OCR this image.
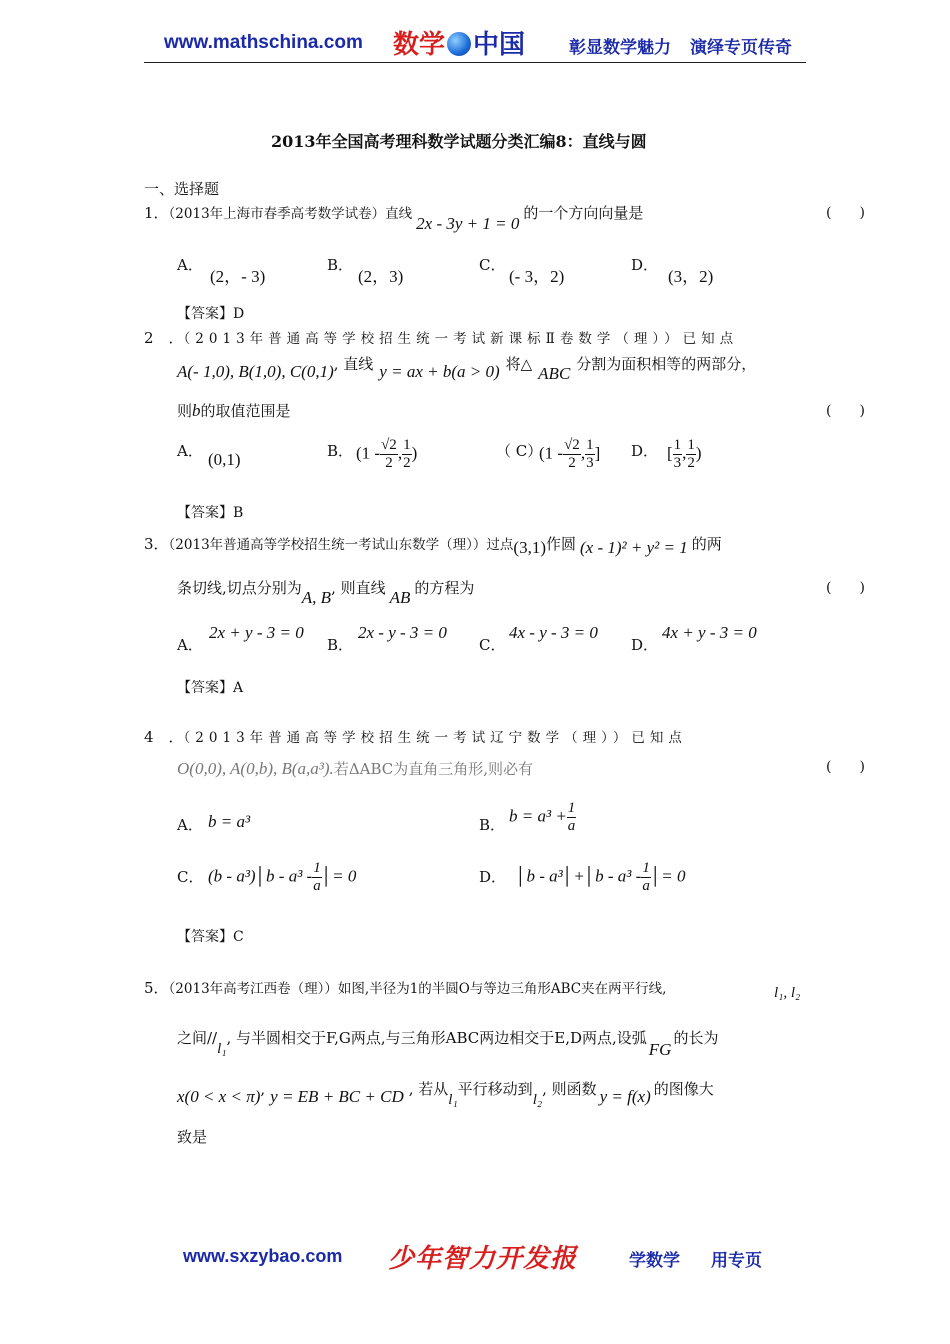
www.mathschina.com 数学 中国	彰显数学魅力 演绎专页传奇
2013年全国高考理科数学试题分类汇编8：直线与圆
一、选择题
1．（2013年上海市春季高考数学试卷）直线 2x - 3y + 1 = 0的一个方向向量是	(　　)
A．
(2，- 3)
B．
(2，3)
C．
(- 3，2)
D．
(3，2)
【答案】D
2　．（2013年普通高等学校招生统一考试新课标Ⅱ卷数学（理））已知点
A(- 1,0), B(1,0), C(0,1), 直线 y = ax + b(a > 0) 将△ ABC 分割为面积相等的两部分，
则b的取值范围是	(　　)
A． (0,1)	B． ($1 - \frac{√2}{2}$ , $\frac{1}{2}$ )	（ C）
($1 - \frac{√2}{2}$ , $\frac{1}{3}$ ] D． [ $\frac{1}{3}$ , $\frac{1}{2}$ )
【答案】B
3．（2013年普通高等学校招生统一考试山东数学（理））过点(3,1)作圆 (x - 1)² + y² = 1 的两
条切线,切点分别为A, B, 则直线 AB 的方程为	(　　)
A．
2x + y - 3 = 0
B．
2x - y - 3 = 0
C．
4x - y - 3 = 0
D．
4x + y - 3 = 0
【答案】A
4　．（2013年普通高等学校招生统一考试辽宁数学（理））已知点
O(0,0), A(0,b), B(a,a³).若ΔABC为直角三角形,则必有	(　　)
A． b = a³	B． $b = a^3 + \frac{1}{a}$
C． (b - a³)│b - $a^3 - \frac{1}{a}$ │= 0	D． │b - a³│+│b - $a^3 - \frac{1}{a}$ │= 0
【答案】C
5．（2013年高考江西卷（理））如图,半径为1的半圆O与等边三角形ABC夹在两平行线,	l₁, l₂
之间//l₁, 与半圆相交于F,G两点,与三角形ABC两边相交于E,D两点,设弧FG的长为
x(0 < x < π), y = EB + BC + CD , 若从l₁平行移动到l₂, 则函数 y = f(x) 的图像大
致是
www.sxzybao.com 少年智力开发报	学数学 用专页
